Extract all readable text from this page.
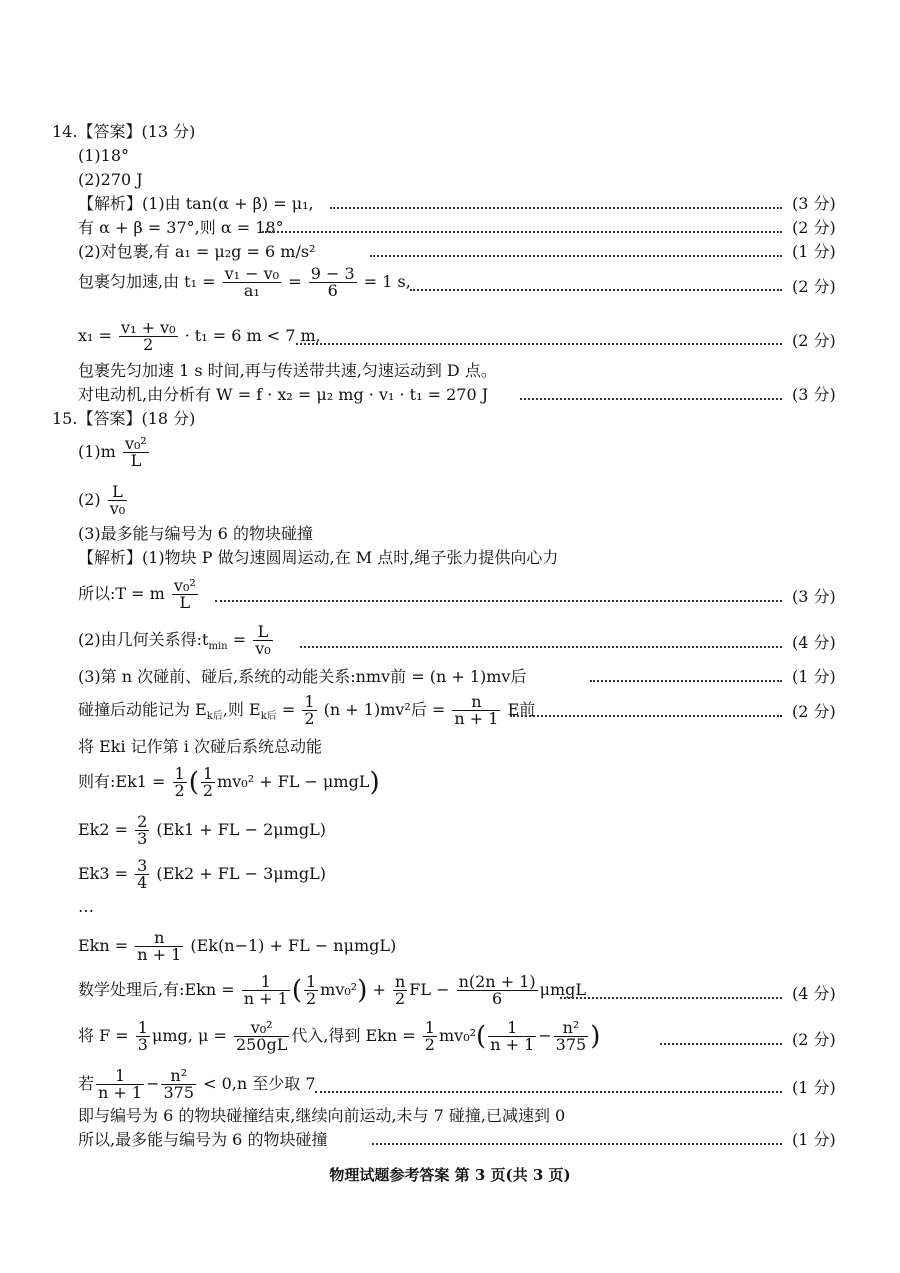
14.【答案】(13 分)
(1)18°
(2)270 J
【解析】(1)由 tan(α + β) = μ₁,	(3 分)
有 α + β = 37°,则 α = 18°	(2 分)
(2)对包裹,有 a₁ = μ₂g = 6 m/s²	(1 分)
包裹匀加速,由 $t_1 = \frac{\text{v₁ − v₀}}{\text{a₁}} = \frac{9 - 3}{6} = 1$ s,	(2 分)
$x_1 = \frac{\text{v₁ + v₀}}{2} \cdot t_1 = 6$ m < 7 m,	(2 分)
包裹先匀加速 1 s 时间,再与传送带共速,匀速运动到 D 点。
对电动机,由分析有 W = f · x₂ = μ₂ mg · v₁ · t₁ = 270 J	(3 分)
15.【答案】(18 分)
$(1)m \frac{\text{v₀²}}{L}$
$(2) \frac{L}{\text{v₀}}$
(3)最多能与编号为 6 的物块碰撞
【解析】(1)物块 P 做匀速圆周运动,在 M 点时,绳子张力提供向心力
所以:T = m $\frac{\text{v₀²}}{L}$	(3 分)
(2)由几何关系得$:t_{min} = \frac{L}{\text{v₀}}$	(4 分)
(3)第 n 次碰前、碰后,系统的动能关系:nmv前 = (n + 1)mv后	(1 分)
碰撞后动能记为 $E_{k后}$,则 $E_{k后} = \frac{1}{2} (n + 1)mv^2$后 = $\frac{n}{n + 1}$ E前	(2 分)
将 Eki 记作第 i 次碰后系统总动能
则有:Ek1 = $\frac{1}{2}$ ( $\frac{1}{2} mv_0^2$ + FL − μmgL)
$Ek2 = \frac{2}{3} (Ek1$ + FL − 2μmgL)
$Ek3 = \frac{3}{4} (Ek2$ + FL − 3μmgL)
…
Ekn = $\frac{n}{n + 1} (Ek(n-1)$ + FL − nμmgL)
数学处理后,有:Ekn = $\frac{1}{n + 1}$ ( $\frac{1}{2} mv_0^2) + \frac{n}{2}$ FL − $\frac{n(2n + 1)}{6}$ μmgL	(4 分)
将 $F = \frac{1}{3} \mu mg$, $\mu = \frac{\text{v₀²}}{250gL}$ 代入,得到 Ekn = $\frac{1}{2} mv_0^2( \frac{1}{n + 1} - \frac{\text{n²}}{375}$ )	(2 分)
若 $\frac{1}{n + 1} - \frac{\text{n²}}{375} < 0,n$ 至少取 7	(1 分)
即与编号为 6 的物块碰撞结束,继续向前运动,未与 7 碰撞,已减速到 0
所以,最多能与编号为 6 的物块碰撞	(1 分)
物理试题参考答案 第 3 页(共 3 页)
